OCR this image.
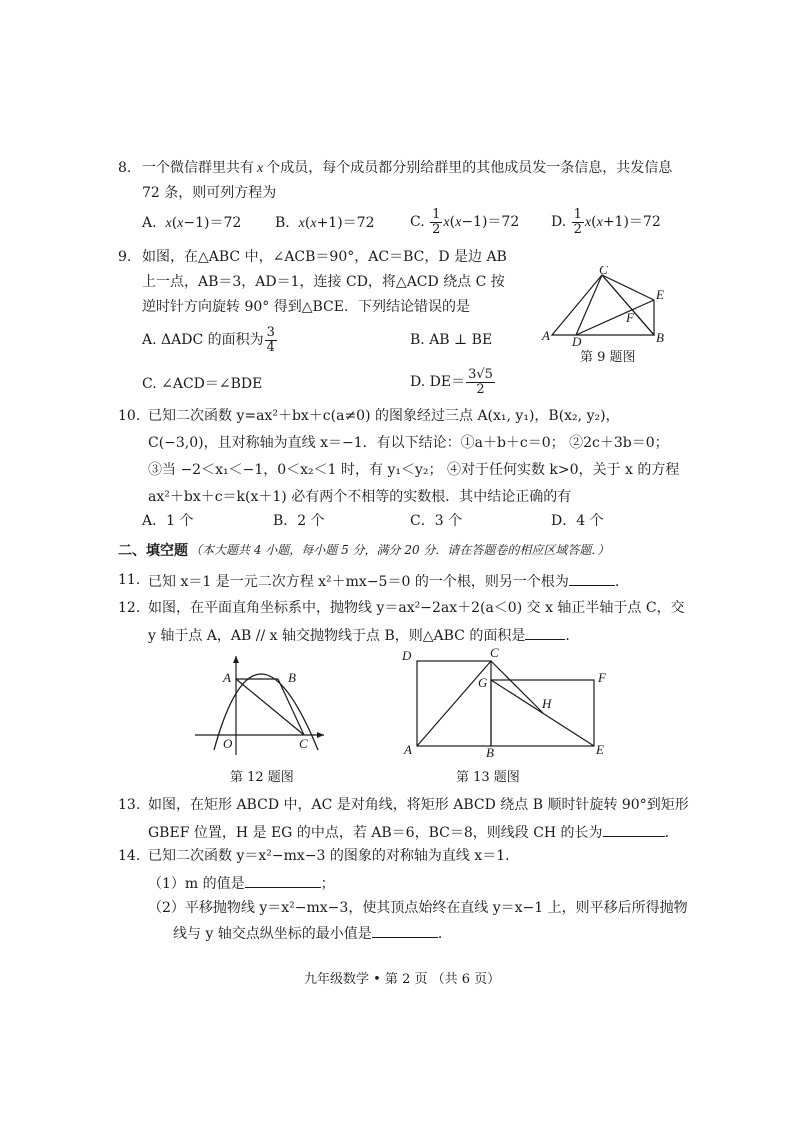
8. 一个微信群里共有 x 个成员，每个成员都分别给群里的其他成员发一条信息，共发信息
72 条，则可列方程为
A. x(x−1)＝72 B. x(x+1)＝72	C. $\frac{1}{2} x(x-1)=72$ D. $\frac{1}{2} x(x+1)=72$
9. 如图，在△ABC 中，∠ACB＝90°，AC＝BC，D 是边 AB
上一点，AB＝3，AD＝1，连接 CD，将△ACD 绕点 C 按
逆时针方向旋转 90° 得到△BCE．下列结论错误的是
A. ΔADC 的面积为 $\frac{3}{4}$	B. AB ⊥ BE
C. ∠ACD＝∠BDE	D. $DE= \frac{3√5}{2}$
C
E
F
A D	B
第 9 题图
10. 已知二次函数 y=ax²＋bx＋c(a≠0) 的图象经过三点 A(x₁, y₁)，B(x₂, y₂)，
C(−3,0)，且对称轴为直线 x＝−1．有以下结论：①a＋b＋c＝0； ②2c＋3b＝0；
③当 −2＜x₁＜−1，0＜x₂＜1 时，有 y₁＜y₂； ④对于任何实数 k>0，关于 x 的方程
ax²＋bx＋c＝k(x＋1) 必有两个不相等的实数根．其中结论正确的有
A．1 个	B．2 个	C．3 个	D．4 个
二、填空题 （本大题共 4 小题，每小题 5 分，满分 20 分．请在答题卷的相应区域答题．）
11. 已知 x＝1 是一元二次方程 x²＋mx−5＝0 的一个根，则另一个根为	.
12. 如图，在平面直角坐标系中，抛物线 y＝ax²−2ax＋2(a＜0) 交 x 轴正半轴于点 C，交
y 轴于点 A，AB // x 轴交抛物线于点 B，则△ABC 的面积是	.
A	B
O	C
第 12 题图
D	C
F
G
H
A	B	E
第 13 题图
13. 如图，在矩形 ABCD 中，AC 是对角线，将矩形 ABCD 绕点 B 顺时针旋转 90°到矩形
GBEF 位置，H 是 EG 的中点，若 AB＝6，BC＝8，则线段 CH 的长为	.
14. 已知二次函数 y＝x²−mx−3 的图象的对称轴为直线 x＝1．
（1）m 的值是	；
（2）平移抛物线 y＝x²−mx−3，使其顶点始终在直线 y＝x−1 上，则平移后所得抛物
线与 y 轴交点纵坐标的最小值是	.
九年级数学 • 第 2 页 （共 6 页）
